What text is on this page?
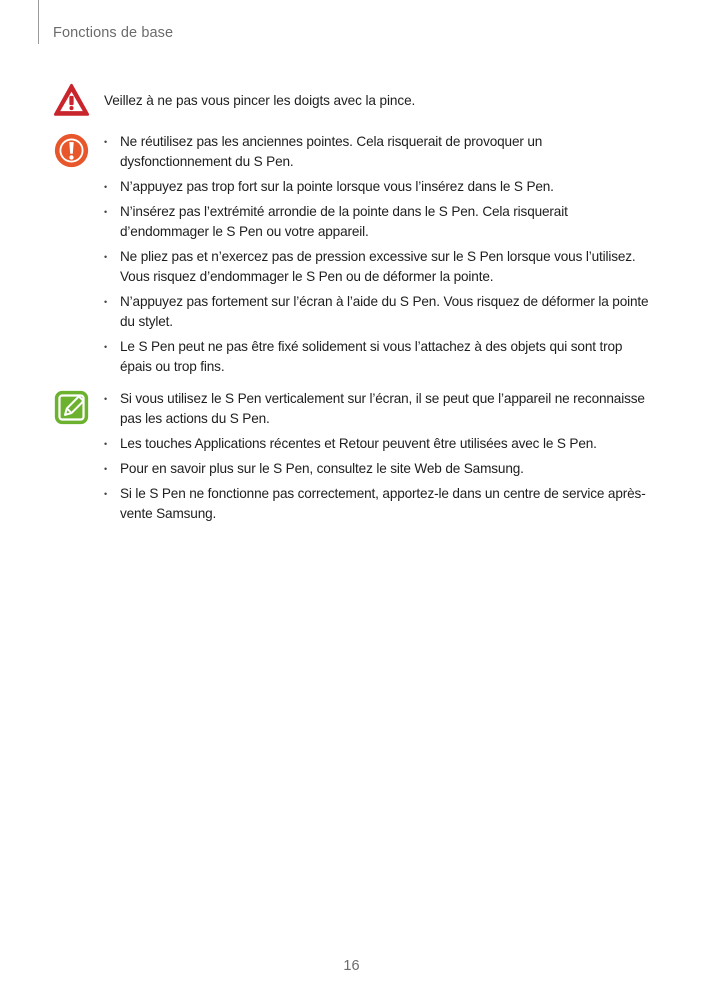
Fonctions de base
Veillez à ne pas vous pincer les doigts avec la pince.
• Ne réutilisez pas les anciennes pointes. Cela risquerait de provoquer un dysfonctionnement du S Pen.
• N’appuyez pas trop fort sur la pointe lorsque vous l’insérez dans le S Pen.
• N’insérez pas l’extrémité arrondie de la pointe dans le S Pen. Cela risquerait d’endommager le S Pen ou votre appareil.
• Ne pliez pas et n’exercez pas de pression excessive sur le S Pen lorsque vous l’utilisez. Vous risquez d’endommager le S Pen ou de déformer la pointe.
• N’appuyez pas fortement sur l’écran à l’aide du S Pen. Vous risquez de déformer la pointe du stylet.
• Le S Pen peut ne pas être fixé solidement si vous l’attachez à des objets qui sont trop épais ou trop fins.
• Si vous utilisez le S Pen verticalement sur l’écran, il se peut que l’appareil ne reconnaisse pas les actions du S Pen.
• Les touches Applications récentes et Retour peuvent être utilisées avec le S Pen.
• Pour en savoir plus sur le S Pen, consultez le site Web de Samsung.
• Si le S Pen ne fonctionne pas correctement, apportez-le dans un centre de service après-vente Samsung.
16
